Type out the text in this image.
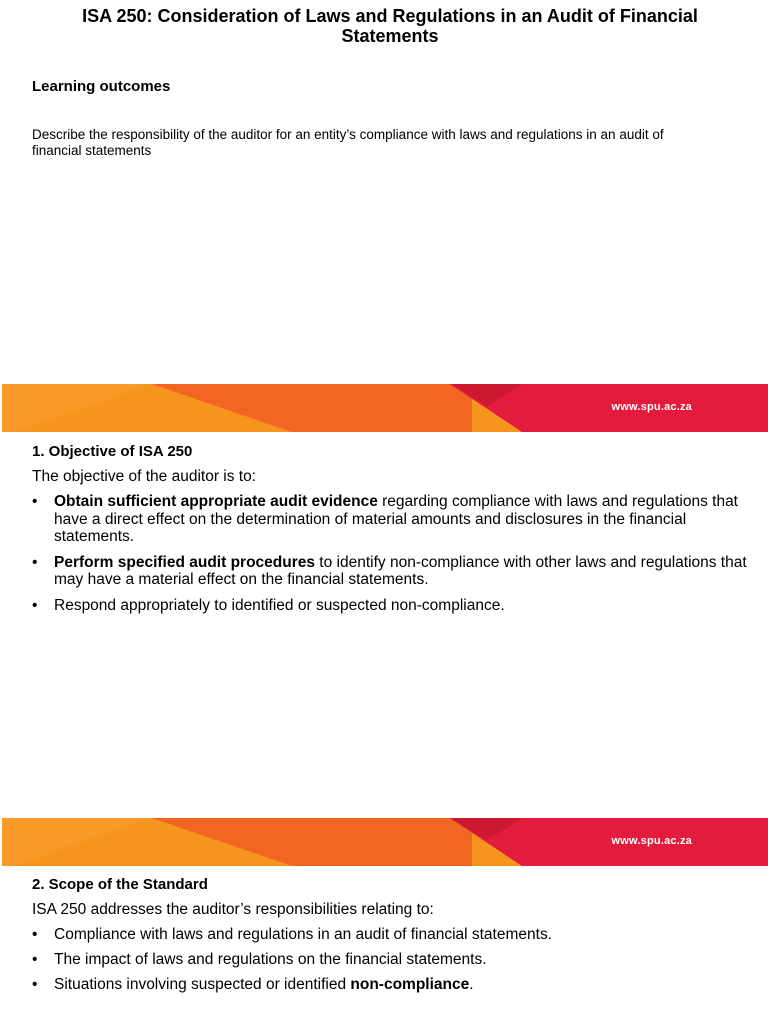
ISA 250: Consideration of Laws and Regulations in an Audit of Financial Statements
Learning outcomes

Describe the responsibility of the auditor for an entity’s compliance with laws and regulations in an audit of financial statements

www.spu.ac.za
1. Objective of ISA 250
The objective of the auditor is to:
• Obtain sufficient appropriate audit evidence regarding compliance with laws and regulations that have a direct effect on the determination of material amounts and disclosures in the financial statements.
• Perform specified audit procedures to identify non-compliance with other laws and regulations that may have a material effect on the financial statements.
• Respond appropriately to identified or suspected non-compliance.
www.spu.ac.za
2. Scope of the Standard
ISA 250 addresses the auditor’s responsibilities relating to:
• Compliance with laws and regulations in an audit of financial statements.
• The impact of laws and regulations on the financial statements.
• Situations involving suspected or identified non-compliance.
